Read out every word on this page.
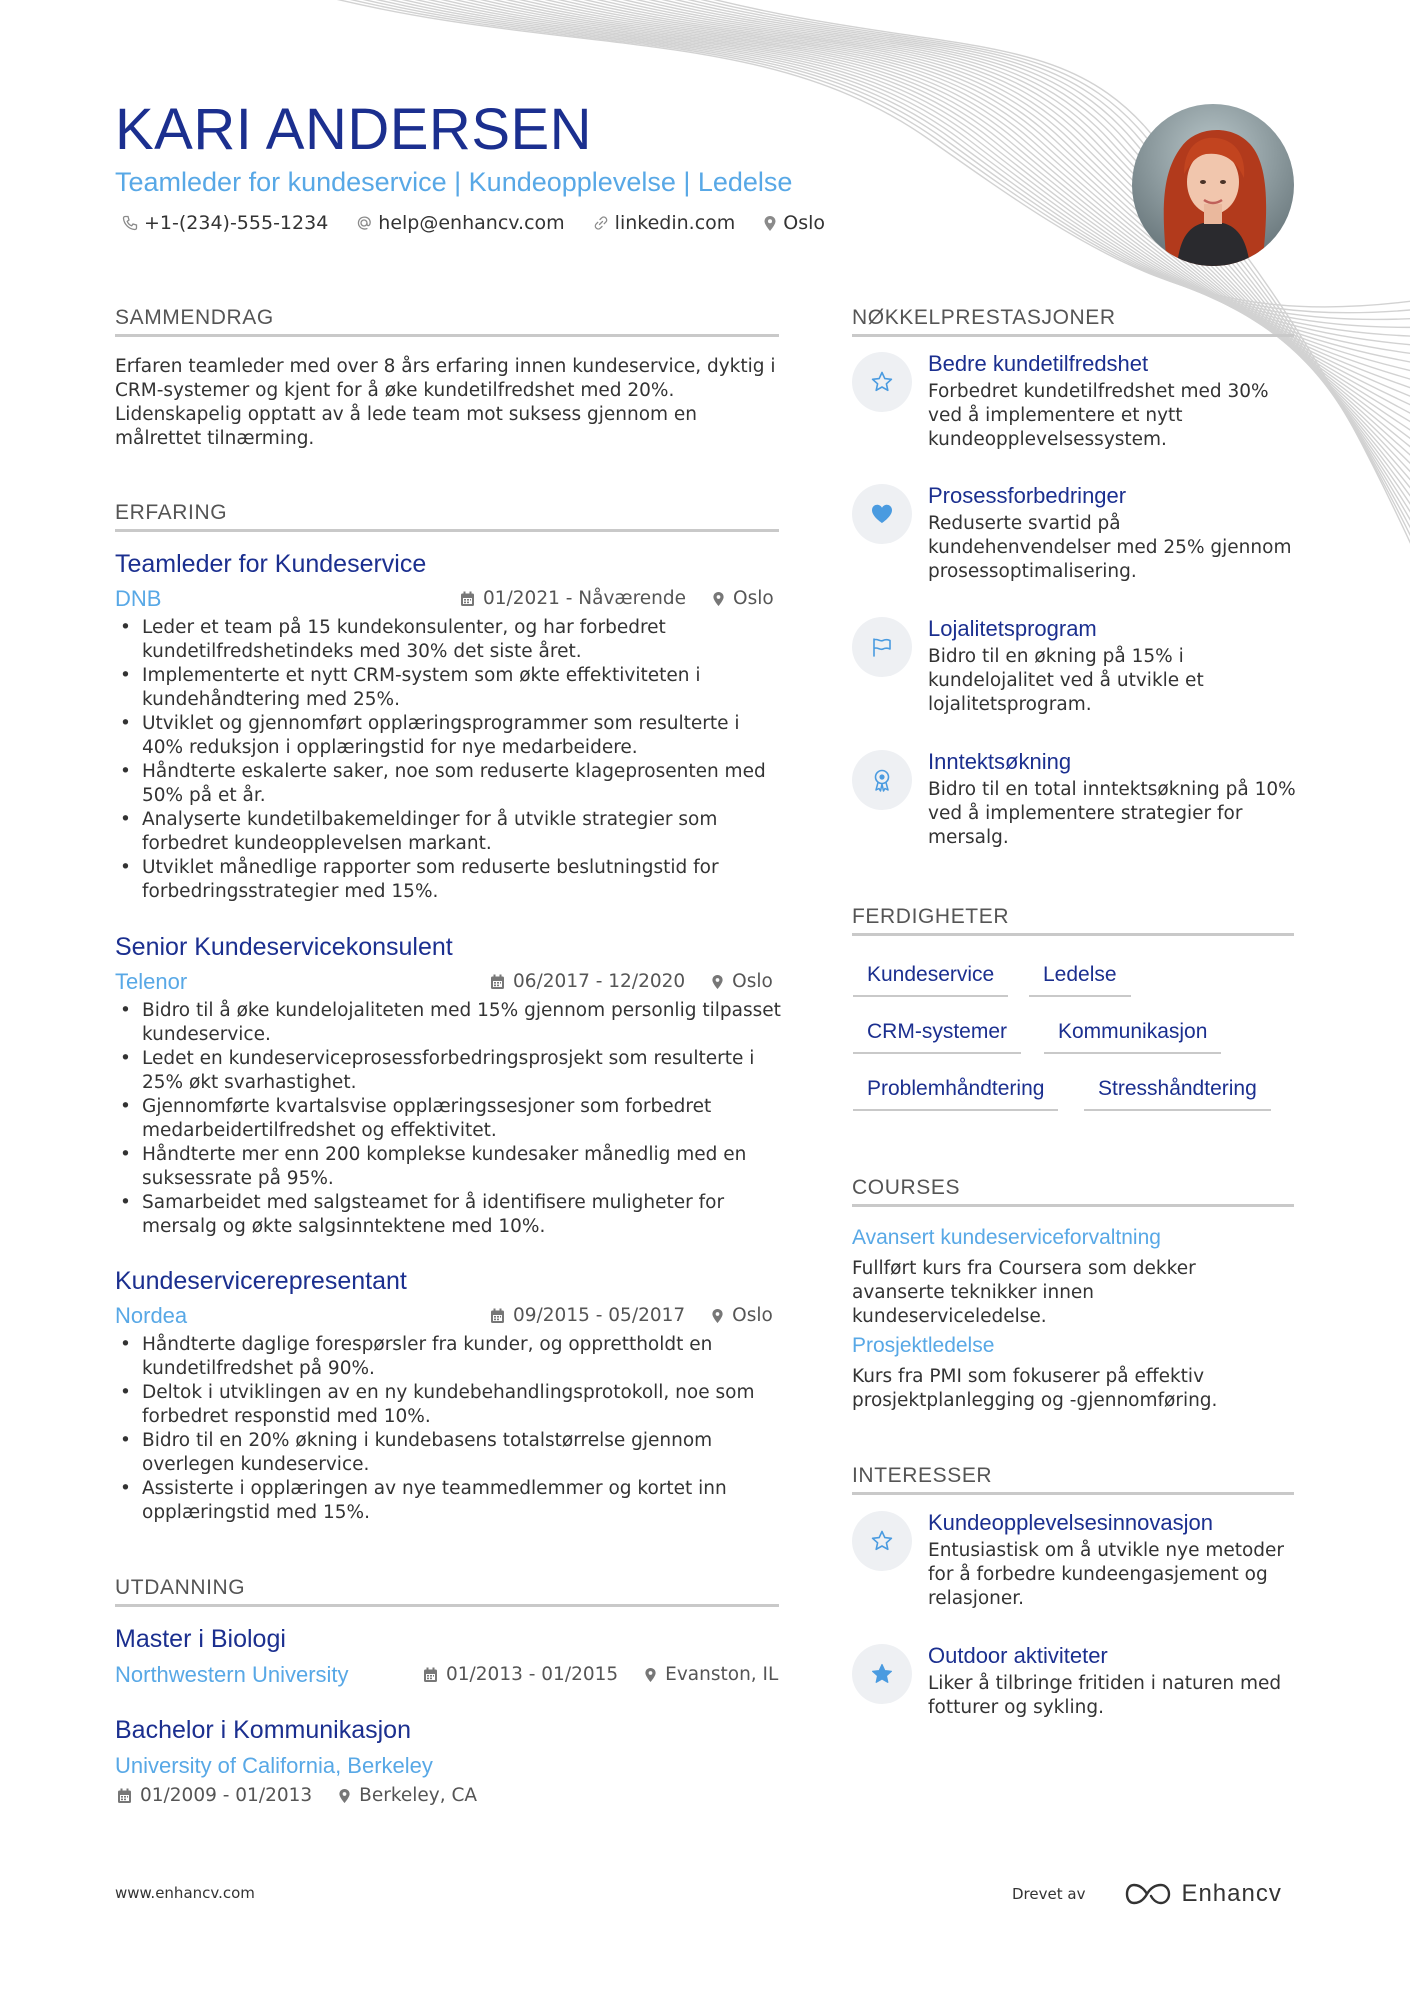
KARI ANDERSEN
Teamleder for kundeservice | Kundeopplevelse | Ledelse
+1-(234)-555-1234	help@enhancv.com	linkedin.com	Oslo
SAMMENDRAG
Erfaren teamleder med over 8 års erfaring innen kundeservice, dyktig i CRM-systemer og kjent for å øke kundetilfredshet med 20%. Lidenskapelig opptatt av å lede team mot suksess gjennom en målrettet tilnærming.
ERFARING
Teamleder for Kundeservice
DNB	01/2021 - Nåværende	Oslo
• Leder et team på 15 kundekonsulenter, og har forbedret kundetilfredshetindeks med 30% det siste året.
• Implementerte et nytt CRM-system som økte effektiviteten i kundehåndtering med 25%.
• Utviklet og gjennomført opplæringsprogrammer som resulterte i 40% reduksjon i opplæringstid for nye medarbeidere.
• Håndterte eskalerte saker, noe som reduserte klageprosenten med 50% på et år.
• Analyserte kundetilbakemeldinger for å utvikle strategier som forbedret kundeopplevelsen markant.
• Utviklet månedlige rapporter som reduserte beslutningstid for forbedringsstrategier med 15%.
Senior Kundeservicekonsulent
Telenor	06/2017 - 12/2020	Oslo
• Bidro til å øke kundelojaliteten med 15% gjennom personlig tilpasset kundeservice.
• Ledet en kundeserviceprosessforbedringsprosjekt som resulterte i 25% økt svarhastighet.
• Gjennomførte kvartalsvise opplæringssesjoner som forbedret medarbeidertilfredshet og effektivitet.
• Håndterte mer enn 200 komplekse kundesaker månedlig med en suksessrate på 95%.
• Samarbeidet med salgsteamet for å identifisere muligheter for mersalg og økte salgsinntektene med 10%.
Kundeservicerepresentant
Nordea	09/2015 - 05/2017	Oslo
• Håndterte daglige forespørsler fra kunder, og opprettholdt en kundetilfredshet på 90%.
• Deltok i utviklingen av en ny kundebehandlingsprotokoll, noe som forbedret responstid med 10%.
• Bidro til en 20% økning i kundebasens totalstørrelse gjennom overlegen kundeservice.
• Assisterte i opplæringen av nye teammedlemmer og kortet inn opplæringstid med 15%.
UTDANNING
Master i Biologi
Northwestern University	01/2013 - 01/2015	Evanston, IL
Bachelor i Kommunikasjon
University of California, Berkeley
01/2009 - 01/2013	Berkeley, CA
NØKKELPRESTASJONER
Bedre kundetilfredshet
Forbedret kundetilfredshet med 30% ved å implementere et nytt kundeopplevelsessystem.
Prosessforbedringer
Reduserte svartid på kundehenvendelser med 25% gjennom prosessoptimalisering.
Lojalitetsprogram
Bidro til en økning på 15% i kundelojalitet ved å utvikle et lojalitetsprogram.
Inntektsøkning
Bidro til en total inntektsøkning på 10% ved å implementere strategier for mersalg.
FERDIGHETER
Kundeservice	Ledelse
CRM-systemer	Kommunikasjon
Problemhåndtering	Stresshåndtering
COURSES
Avansert kundeserviceforvaltning
Fullført kurs fra Coursera som dekker avanserte teknikker innen kundeserviceledelse.
Prosjektledelse
Kurs fra PMI som fokuserer på effektiv prosjektplanlegging og -gjennomføring.
INTERESSER
Kundeopplevelsesinnovasjon
Entusiastisk om å utvikle nye metoder for å forbedre kundeengasjement og relasjoner.
Outdoor aktiviteter
Liker å tilbringe fritiden i naturen med fotturer og sykling.
www.enhancv.com	Drevet av	Enhancv
